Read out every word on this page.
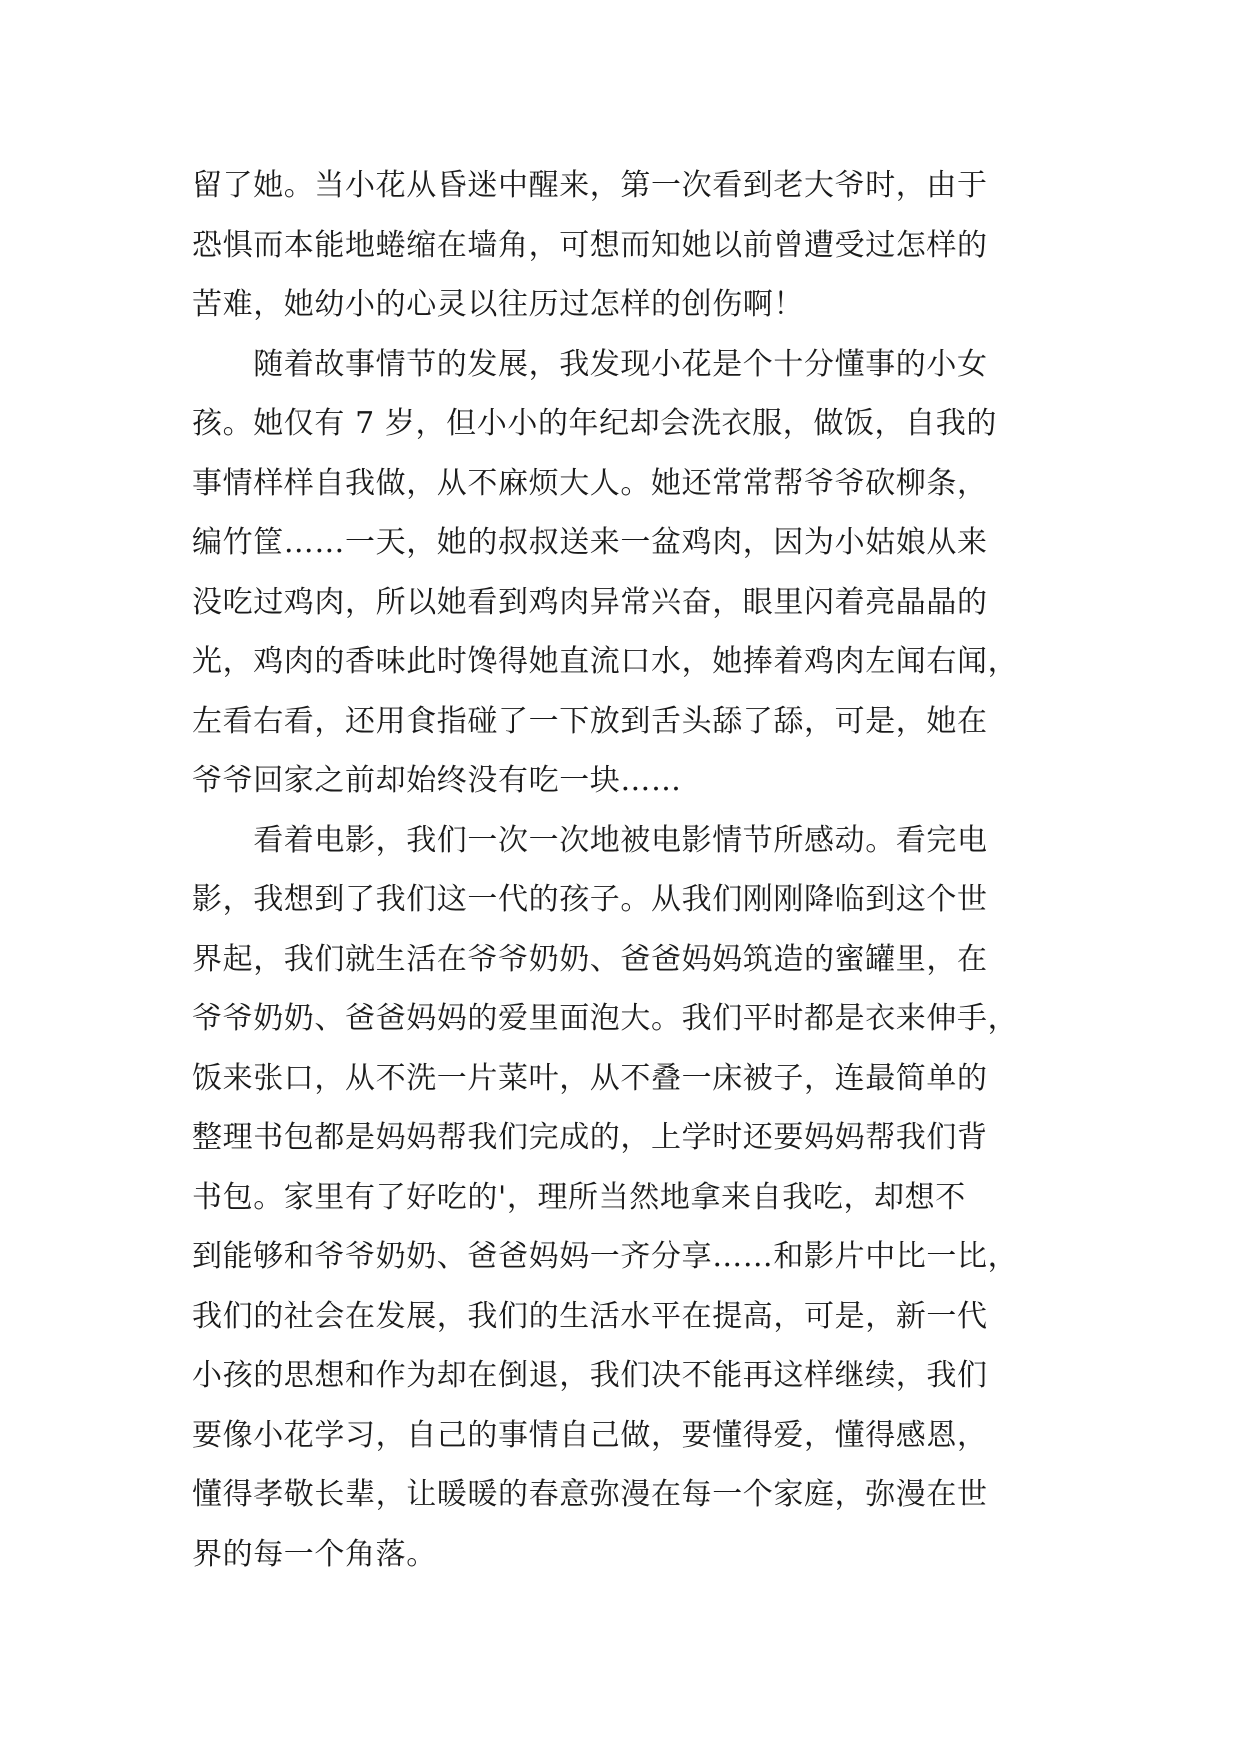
留了她。当小花从昏迷中醒来，第一次看到老大爷时，由于
恐惧而本能地蜷缩在墙角，可想而知她以前曾遭受过怎样的
苦难，她幼小的心灵以往历过怎样的创伤啊！
　　随着故事情节的发展，我发现小花是个十分懂事的小女
孩。她仅有 7 岁，但小小的年纪却会洗衣服，做饭，自我的
事情样样自我做，从不麻烦大人。她还常常帮爷爷砍柳条，
编竹筐……一天，她的叔叔送来一盆鸡肉，因为小姑娘从来
没吃过鸡肉，所以她看到鸡肉异常兴奋，眼里闪着亮晶晶的
光，鸡肉的香味此时馋得她直流口水，她捧着鸡肉左闻右闻，
左看右看，还用食指碰了一下放到舌头舔了舔，可是，她在
爷爷回家之前却始终没有吃一块……
　　看着电影，我们一次一次地被电影情节所感动。看完电
影，我想到了我们这一代的孩子。从我们刚刚降临到这个世
界起，我们就生活在爷爷奶奶、爸爸妈妈筑造的蜜罐里，在
爷爷奶奶、爸爸妈妈的爱里面泡大。我们平时都是衣来伸手，
饭来张口，从不洗一片菜叶，从不叠一床被子，连最简单的
整理书包都是妈妈帮我们完成的，上学时还要妈妈帮我们背
书包。家里有了好吃的'，理所当然地拿来自我吃，却想不
到能够和爷爷奶奶、爸爸妈妈一齐分享……和影片中比一比，
我们的社会在发展，我们的生活水平在提高，可是，新一代
小孩的思想和作为却在倒退，我们决不能再这样继续，我们
要像小花学习，自己的事情自己做，要懂得爱，懂得感恩，
懂得孝敬长辈，让暖暖的春意弥漫在每一个家庭，弥漫在世
界的每一个角落。
